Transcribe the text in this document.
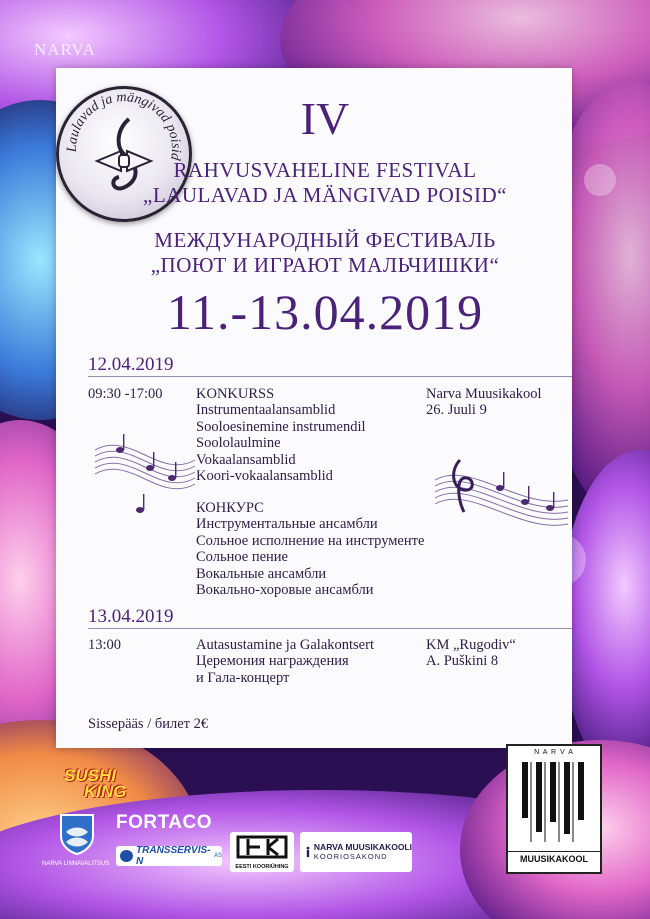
NARVA
Laulavad ja mängivad poisid
IV
RAHVUSVAHELINE FESTIVAL
„LAULAVAD JA MÄNGIVAD POISID“
МЕЖДУНАРОДНЫЙ ФЕСТИВАЛЬ
„ПОЮТ И ИГРАЮТ МАЛЬЧИШКИ“
11.-13.04.2019
12.04.2019
09:30 -17:00 KONKURSS
Instrumentaalansamblid
Sooloesinemine instrumendil
Soololaulmine
Vokaalansamblid
Koori-vokaalansamblid
Narva Muusikakool
26. Juuli 9
КОНКУРС
Инструментальные ансамбли
Сольное исполнение на инструменте
Сольное пение
Вокальные ансамбли
Вокально-хоровые ансамбли
13.04.2019
13:00	Autasustamine ja Galakontsert
Церемония награждения
и Гала-концерт
KM „Rugodiv“
A. Puškini 8
Sissepääs / билет 2€
SUSHI
KING
NARVA LINNAVALITSUS
FORTACO
TRANSSERVIS-N	AS
EESTI KOORIÜHING
NARVA MUUSIKAKOOLI
KOORIOSAKOND
N A R V A
MUUSIKAKOOL
